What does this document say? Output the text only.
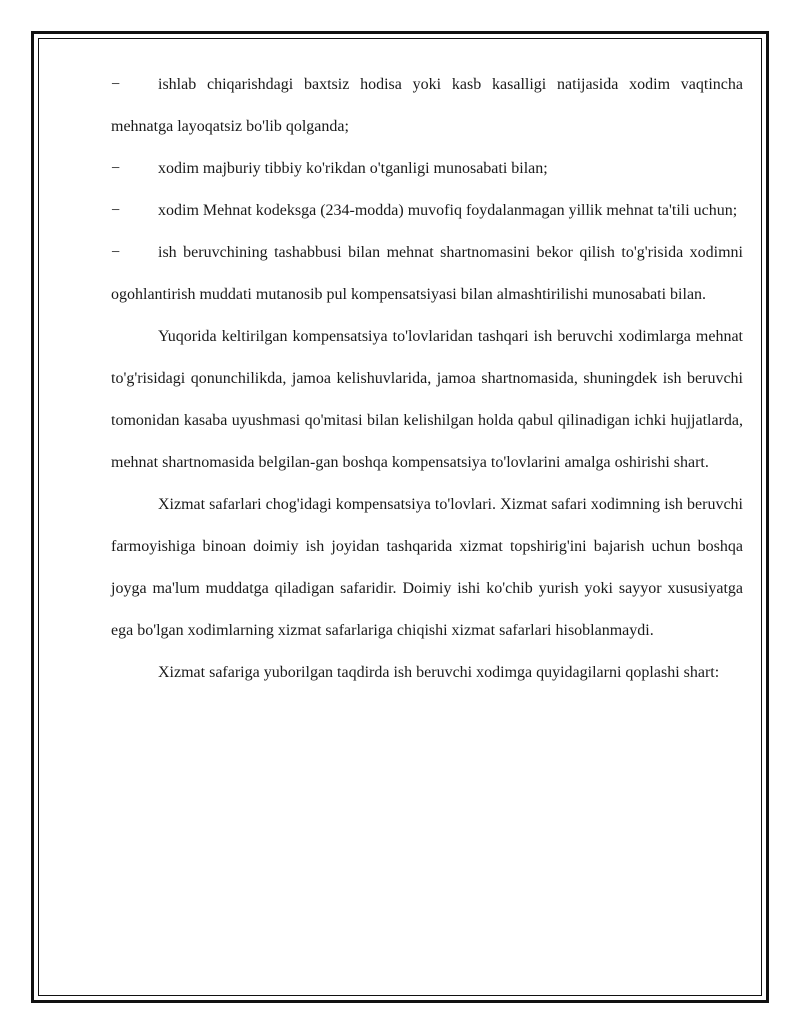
− ishlab chiqarishdagi baxtsiz hodisa yoki kasb kasalligi natijasida xodim vaqtincha mehnatga layoqatsiz bo'lib qolganda;
− xodim majburiy tibbiy ko'rikdan o'tganligi munosabati bilan;
− xodim Mehnat kodeksga (234-modda) muvofiq foydalanmagan yillik mehnat ta'tili uchun;
− ish beruvchining tashabbusi bilan mehnat shartnomasini bekor qilish to'g'risida xodimni ogohlantirish muddati mutanosib pul kompensatsiyasi bilan almashtirilishi munosabati bilan.
Yuqorida keltirilgan kompensatsiya to'lovlaridan tashqari ish beruvchi xodimlarga mehnat to'g'risidagi qonunchilikda, jamoa kelishuvlarida, jamoa shartnomasida, shuningdek ish beruvchi tomonidan kasaba uyushmasi qo'mitasi bilan kelishilgan holda qabul qilinadigan ichki hujjatlarda, mehnat shartnomasida belgilan-gan boshqa kompensatsiya to'lovlarini amalga oshirishi shart.
Xizmat safarlari chog'idagi kompensatsiya to'lovlari. Xizmat safari xodimning ish beruvchi farmoyishiga binoan doimiy ish joyidan tashqarida xizmat topshirig'ini bajarish uchun boshqa joyga ma'lum muddatga qiladigan safaridir. Doimiy ishi ko'chib yurish yoki sayyor xususiyatga ega bo'lgan xodimlarning xizmat safarlariga chiqishi xizmat safarlari hisoblanmaydi.
Xizmat safariga yuborilgan taqdirda ish beruvchi xodimga quyidagilarni qoplashi shart:
